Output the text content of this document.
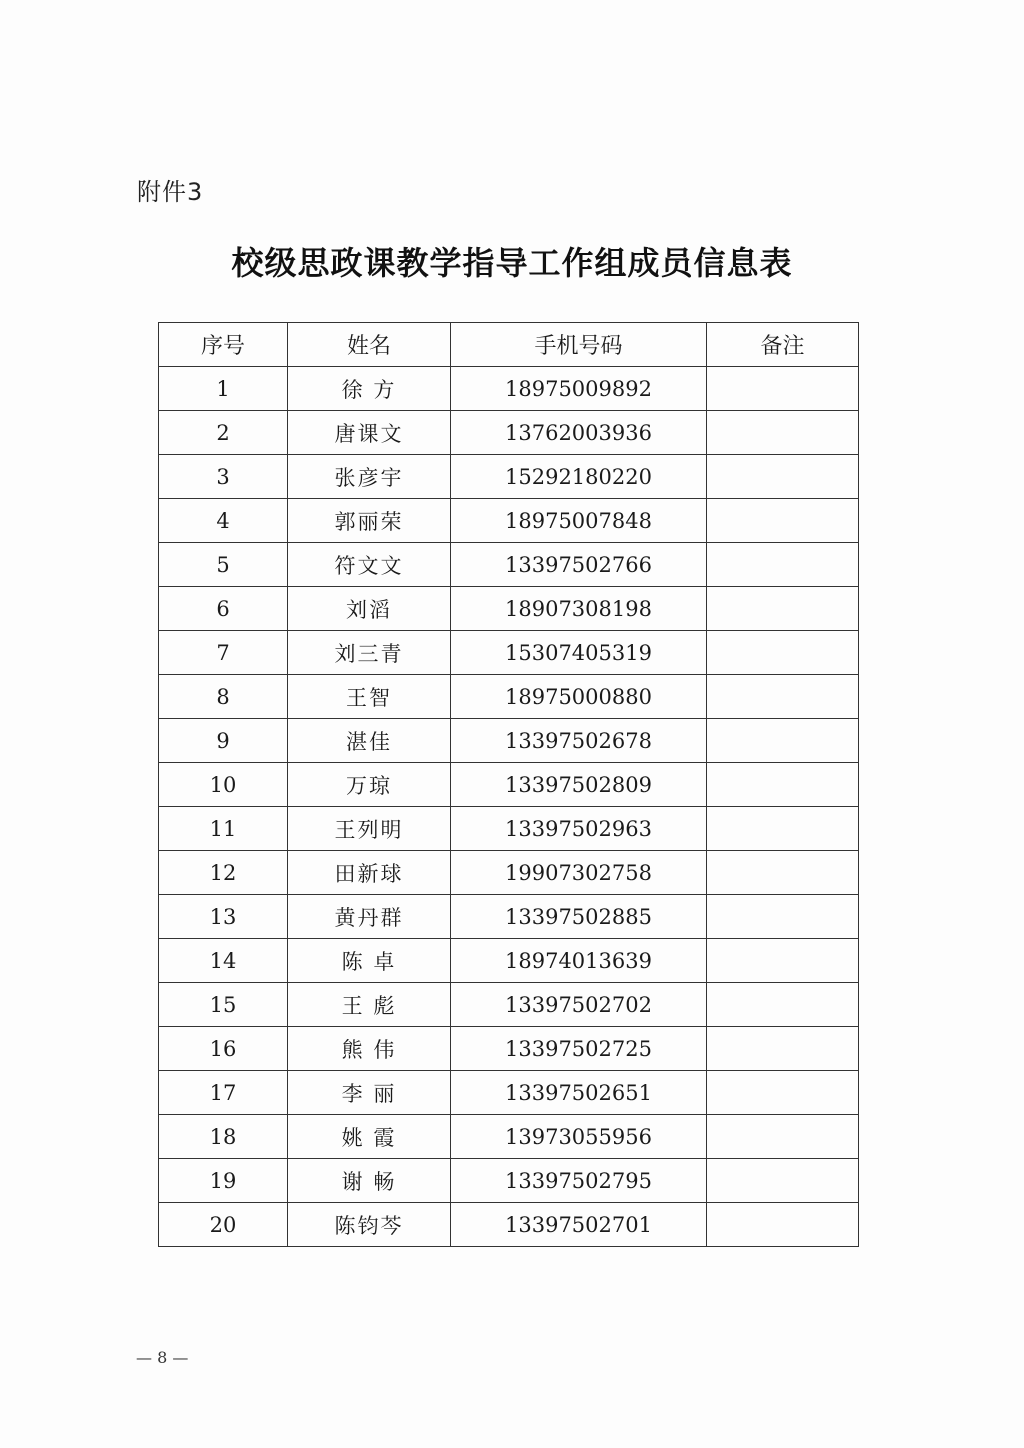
附件3
校级思政课教学指导工作组成员信息表
序号	姓名	手机号码	备注
1	徐 方	18975009892	
2	唐课文	13762003936	
3	张彦宇	15292180220	
4	郭丽荣	18975007848	
5	符文文	13397502766	
6	刘滔	18907308198	
7	刘三青	15307405319	
8	王智	18975000880	
9	湛佳	13397502678	
10	万琼	13397502809	
11	王列明	13397502963	
12	田新球	19907302758	
13	黄丹群	13397502885	
14	陈 卓	18974013639	
15	王 彪	13397502702	
16	熊 伟	13397502725	
17	李 丽	13397502651	
18	姚 霞	13973055956	
19	谢 畅	13397502795	
20	陈钧芩	13397502701	
— 8 —
